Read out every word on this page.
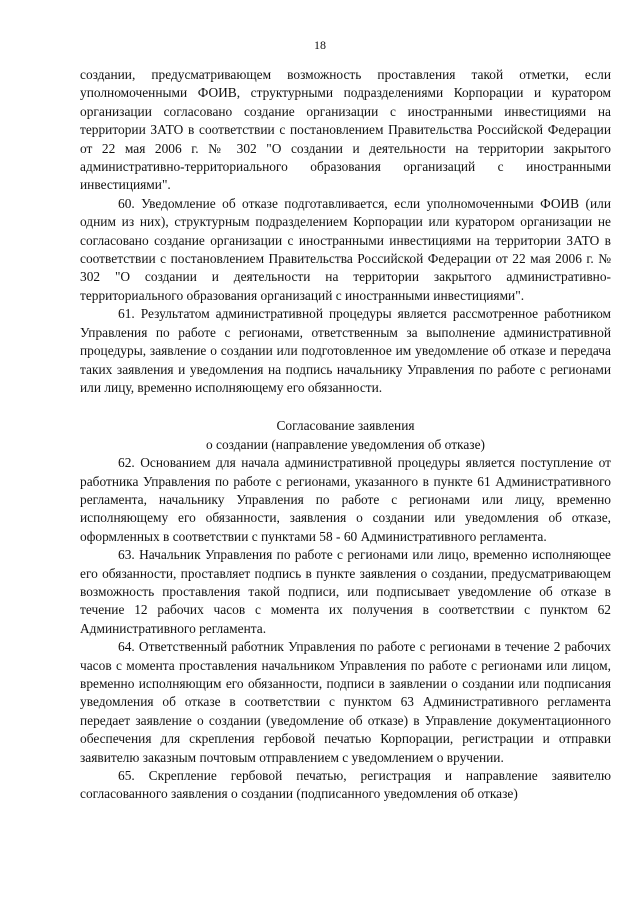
18

создании, предусматривающем возможность проставления такой отметки, если уполномоченными ФОИВ, структурными подразделениями Корпорации и куратором организации согласовано создание организации с иностранными инвестициями на территории ЗАТО в соответствии с постановлением Правительства Российской Федерации от 22 мая 2006 г. № 302 "О создании и деятельности на территории закрытого административно-территориального образования организаций с иностранными инвестициями".

60. Уведомление об отказе подготавливается, если уполномоченными ФОИВ (или одним из них), структурным подразделением Корпорации или куратором организации не согласовано создание организации с иностранными инвестициями на территории ЗАТО в соответствии с постановлением Правительства Российской Федерации от 22 мая 2006 г. № 302 "О создании и деятельности на территории закрытого административно-территориального образования организаций с иностранными инвестициями".

61. Результатом административной процедуры является рассмотренное работником Управления по работе с регионами, ответственным за выполнение административной процедуры, заявление о создании или подготовленное им уведомление об отказе и передача таких заявления и уведомления на подпись начальнику Управления по работе с регионами или лицу, временно исполняющему его обязанности.

Согласование заявления
о создании (направление уведомления об отказе)

62. Основанием для начала административной процедуры является поступление от работника Управления по работе с регионами, указанного в пункте 61 Административного регламента, начальнику Управления по работе с регионами или лицу, временно исполняющему его обязанности, заявления о создании или уведомления об отказе, оформленных в соответствии с пунктами 58 - 60 Административного регламента.

63. Начальник Управления по работе с регионами или лицо, временно исполняющее его обязанности, проставляет подпись в пункте заявления о создании, предусматривающем возможность проставления такой подписи, или подписывает уведомление об отказе в течение 12 рабочих часов с момента их получения в соответствии с пунктом 62 Административного регламента.

64. Ответственный работник Управления по работе с регионами в течение 2 рабочих часов с момента проставления начальником Управления по работе с регионами или лицом, временно исполняющим его обязанности, подписи в заявлении о создании или подписания уведомления об отказе в соответствии с пунктом 63 Административного регламента передает заявление о создании (уведомление об отказе) в Управление документационного обеспечения для скрепления гербовой печатью Корпорации, регистрации и отправки заявителю заказным почтовым отправлением с уведомлением о вручении.

65. Скрепление гербовой печатью, регистрация и направление заявителю согласованного заявления о создании (подписанного уведомления об отказе)
